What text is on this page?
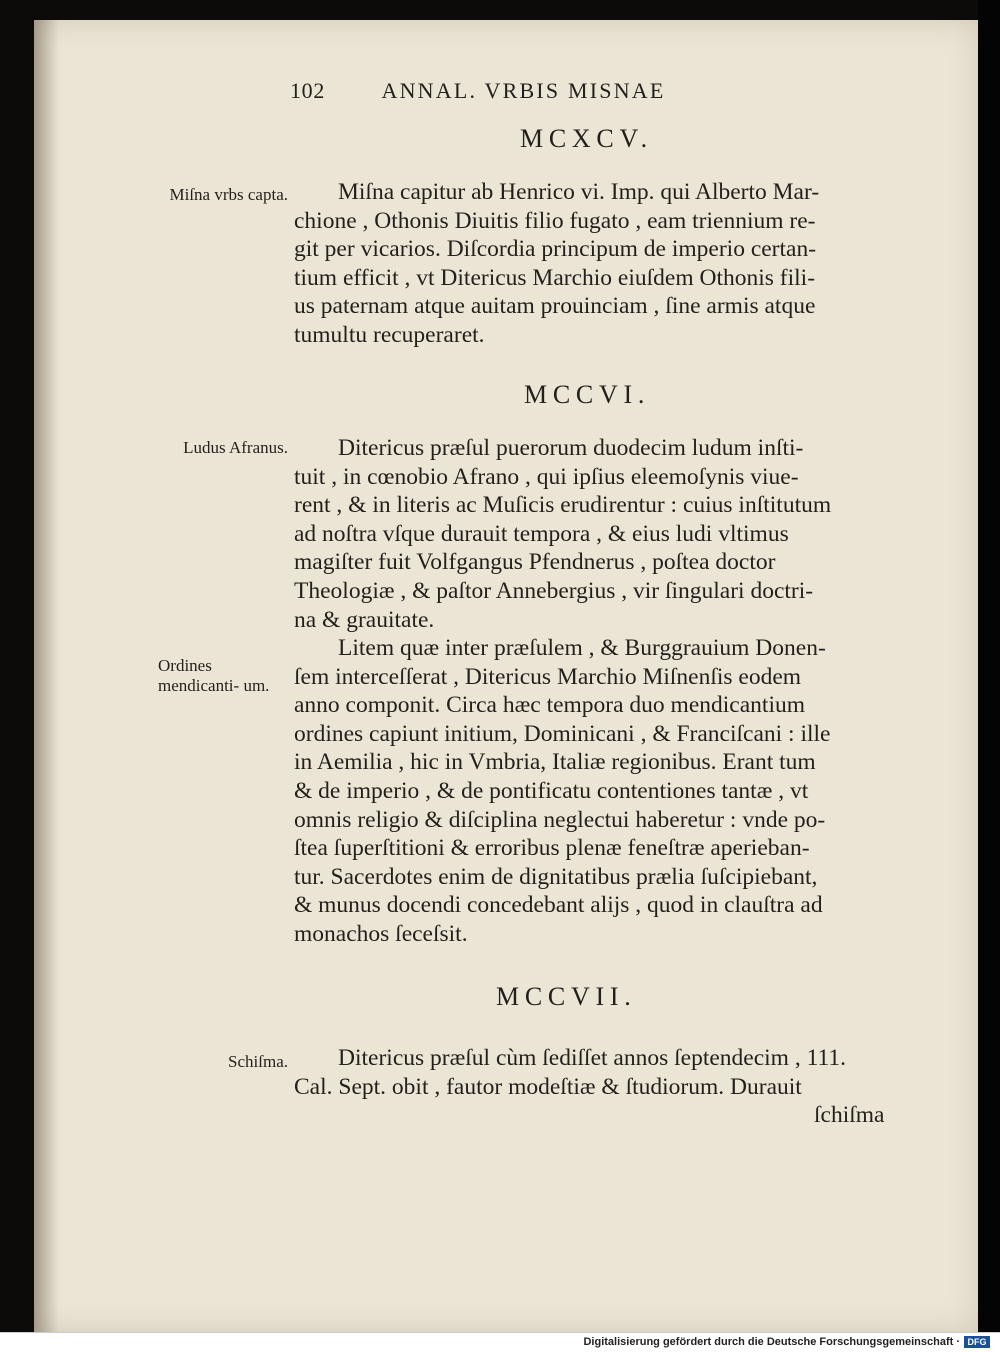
102	ANNAL. VRBIS MISNAE
MCXCV.
Miſna vrbs capta.	Miſna capitur ab Henrico vi. Imp. qui Alberto Mar-
chione , Othonis Diuitis filio fugato , eam triennium re-
git per vicarios. Diſcordia principum de imperio certan-
tium efficit , vt Ditericus Marchio eiuſdem Othonis fili-
us paternam atque auitam prouinciam , ſine armis atque
tumultu recuperaret.
MCCVI.
Ludus Afranus.	Ditericus præſul puerorum duodecim ludum inſti-
tuit , in cœnobio Afrano , qui ipſius eleemoſynis viue-
rent , & in literis ac Muſicis erudirentur : cuius inſtitutum
ad noſtra vſque durauit tempora , & eius ludi vltimus
magiſter fuit Volfgangus Pfendnerus , poſtea doctor
Theologiæ , & paſtor Annebergius , vir ſingulari doctri-
na & grauitate.
Ordines mendicanti- um.
Litem quæ inter præſulem , & Burggrauium Donen-
ſem interceſſerat , Ditericus Marchio Miſnenſis eodem
anno componit. Circa hæc tempora duo mendicantium
ordines capiunt initium, Dominicani , & Franciſcani : ille
in Aemilia , hic in Vmbria, Italiæ regionibus. Erant tum
& de imperio , & de pontificatu contentiones tantæ , vt
omnis religio & diſciplina neglectui haberetur : vnde po-
ſtea ſuperſtitioni & erroribus plenæ feneſtræ aperieban-
tur. Sacerdotes enim de dignitatibus prælia ſuſcipiebant,
& munus docendi concedebant alijs , quod in clauſtra ad
monachos ſeceſsit.
MCCVII.
Schiſma.	Ditericus præſul cùm ſediſſet annos ſeptendecim , 111.
Cal. Sept. obit , fautor modeſtiæ & ſtudiorum. Durauit
ſchiſma
Digitalisierung gefördert durch die Deutsche Forschungsgemeinschaft · DFG
